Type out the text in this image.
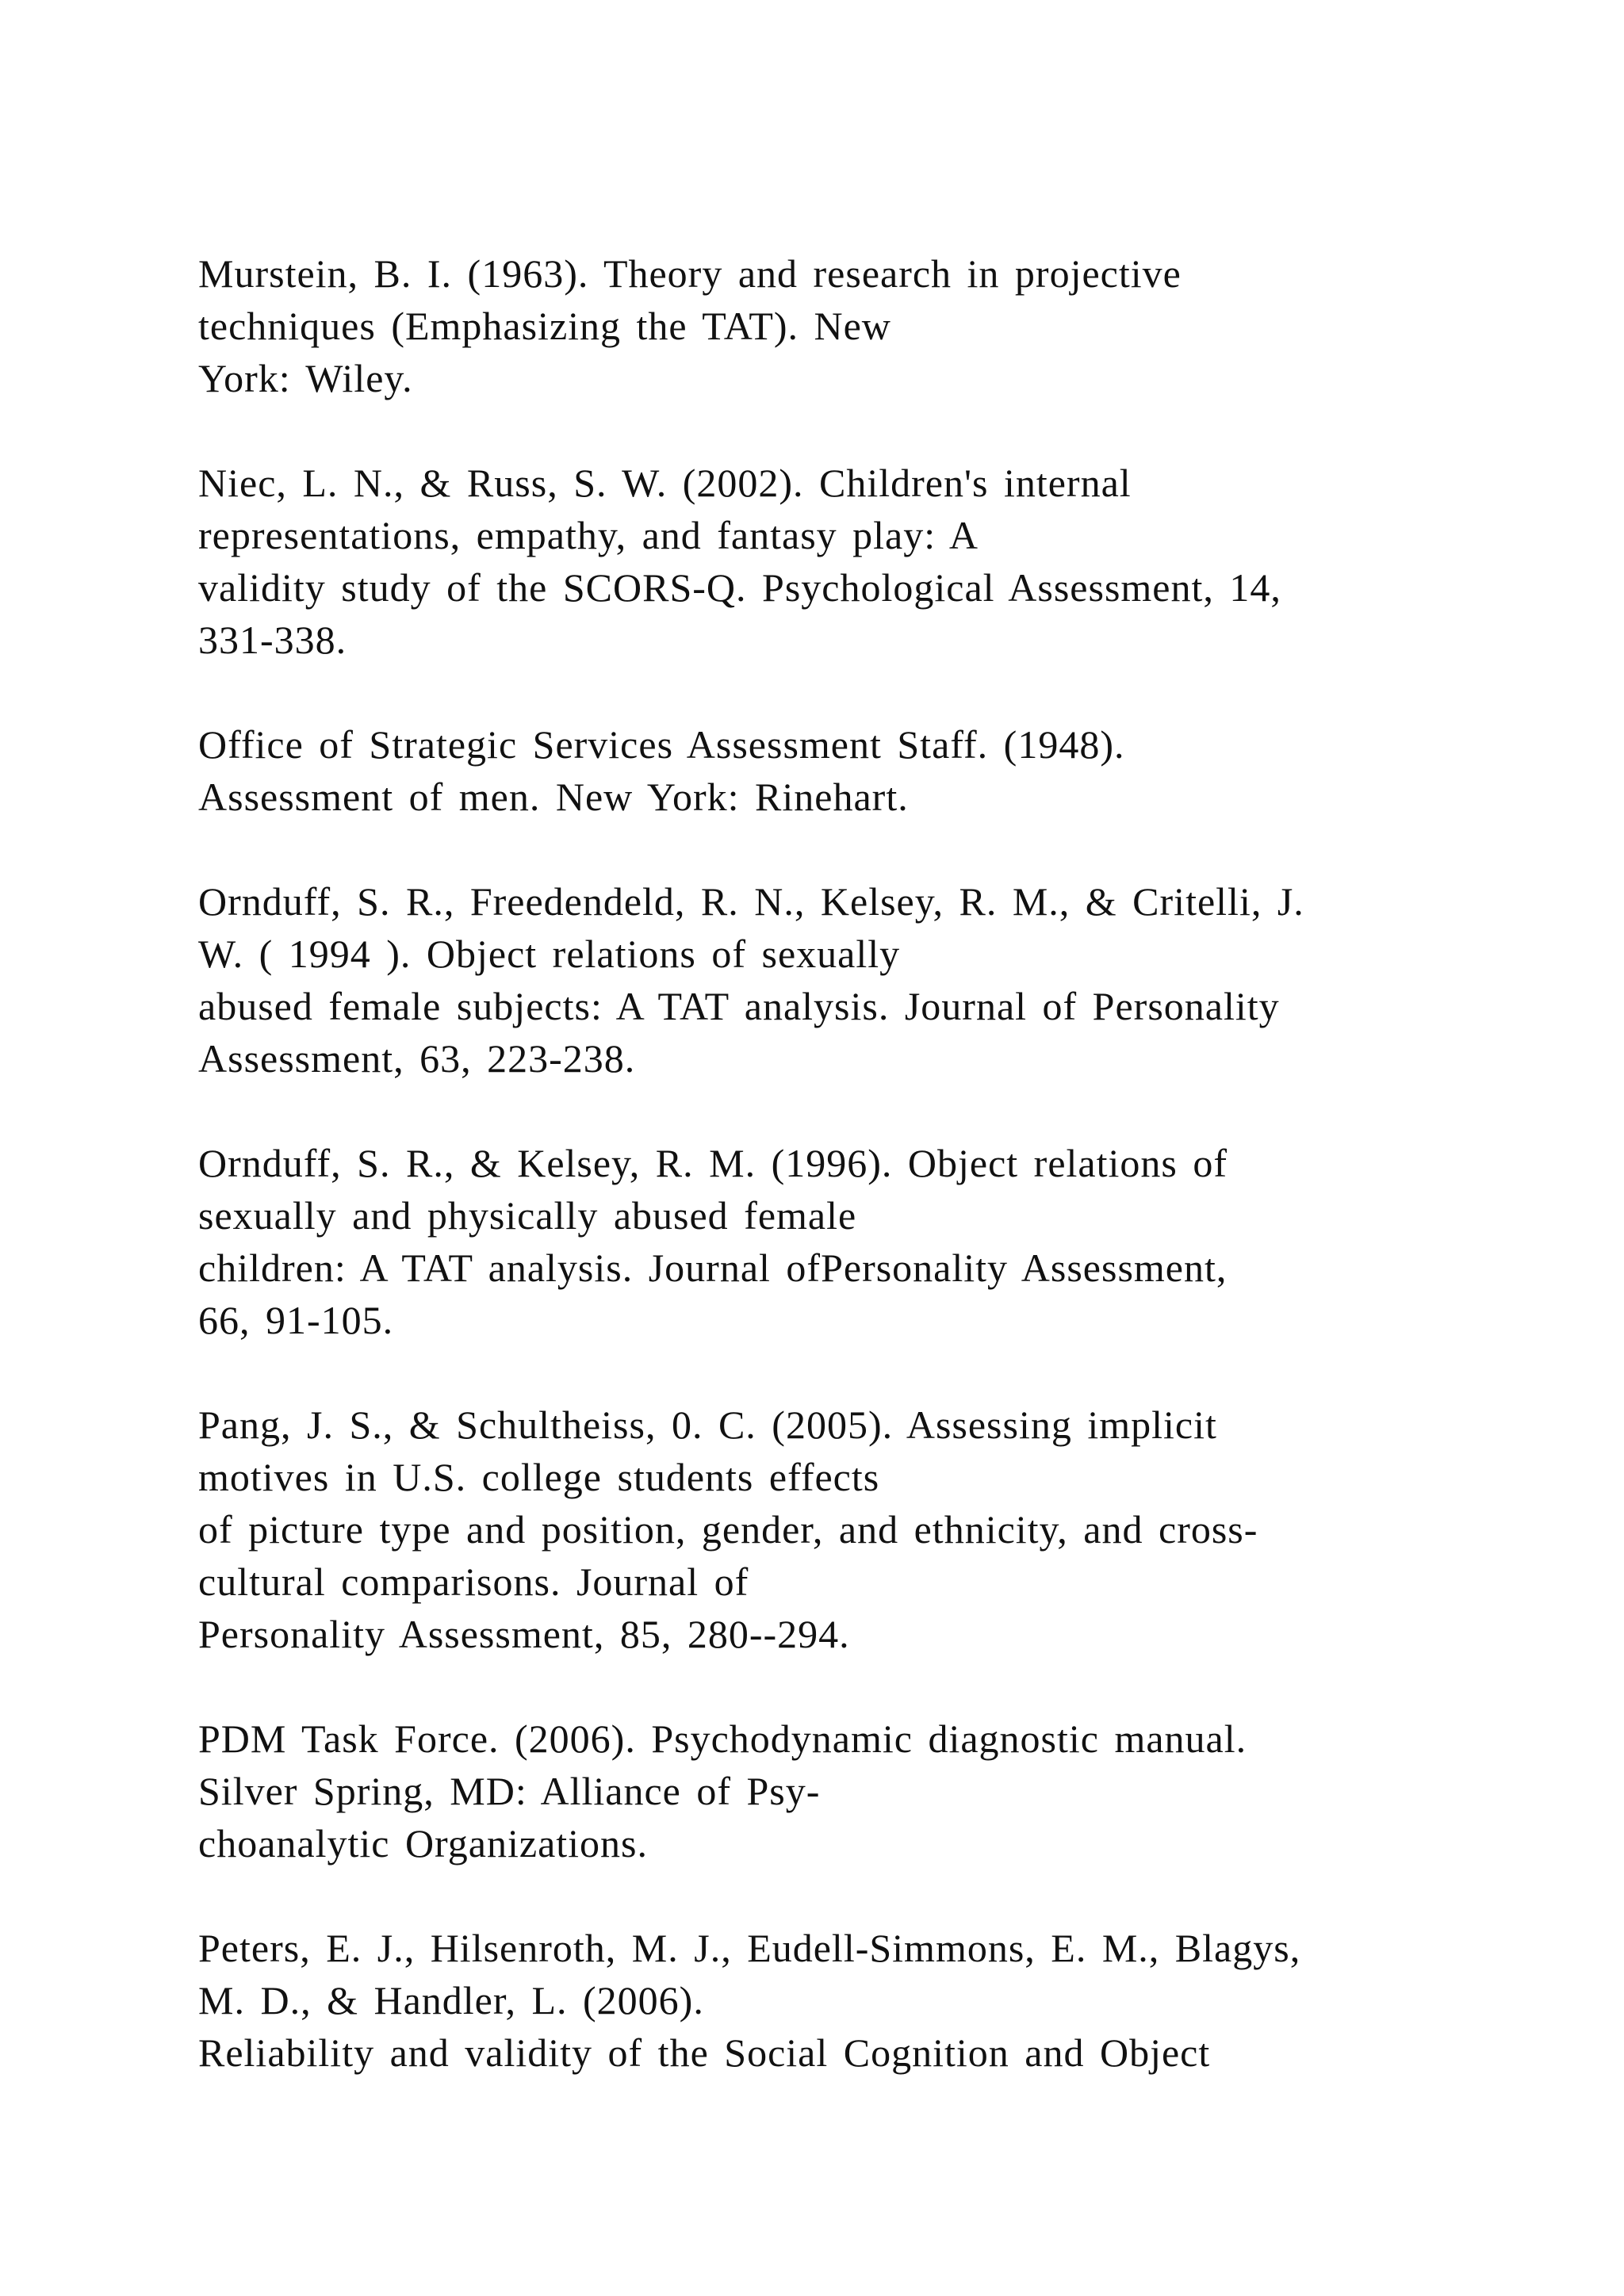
Murstein, B. I. (1963). Theory and research in projective
techniques (Emphasizing the TAT). New
York: Wiley.
Niec, L. N., & Russ, S. W. (2002). Children's internal
representations, empathy, and fantasy play: A
validity study of the SCORS-Q. Psychological Assessment, 14,
331-338.
Office of Strategic Services Assessment Staff. (1948).
Assessment of men. New York: Rinehart.
Ornduff, S. R., Freedendeld, R. N., Kelsey, R. M., & Critelli, J.
W. ( 1994 ). Object relations of sexually
abused female subjects: A TAT analysis. Journal of Personality
Assessment, 63, 223-238.
Ornduff, S. R., & Kelsey, R. M. (1996). Object relations of
sexually and physically abused female
children: A TAT analysis. Journal ofPersonality Assessment,
66, 91-105.
Pang, J. S., & Schultheiss, 0. C. (2005). Assessing implicit
motives in U.S. college students effects
of picture type and position, gender, and ethnicity, and cross-
cultural comparisons. Journal of
Personality Assessment, 85, 280--294.
PDM Task Force. (2006). Psychodynamic diagnostic manual.
Silver Spring, MD: Alliance of Psy-
choanalytic Organizations.
Peters, E. J., Hilsenroth, M. J., Eudell-Simmons, E. M., Blagys,
M. D., & Handler, L. (2006).
Reliability and validity of the Social Cognition and Object
